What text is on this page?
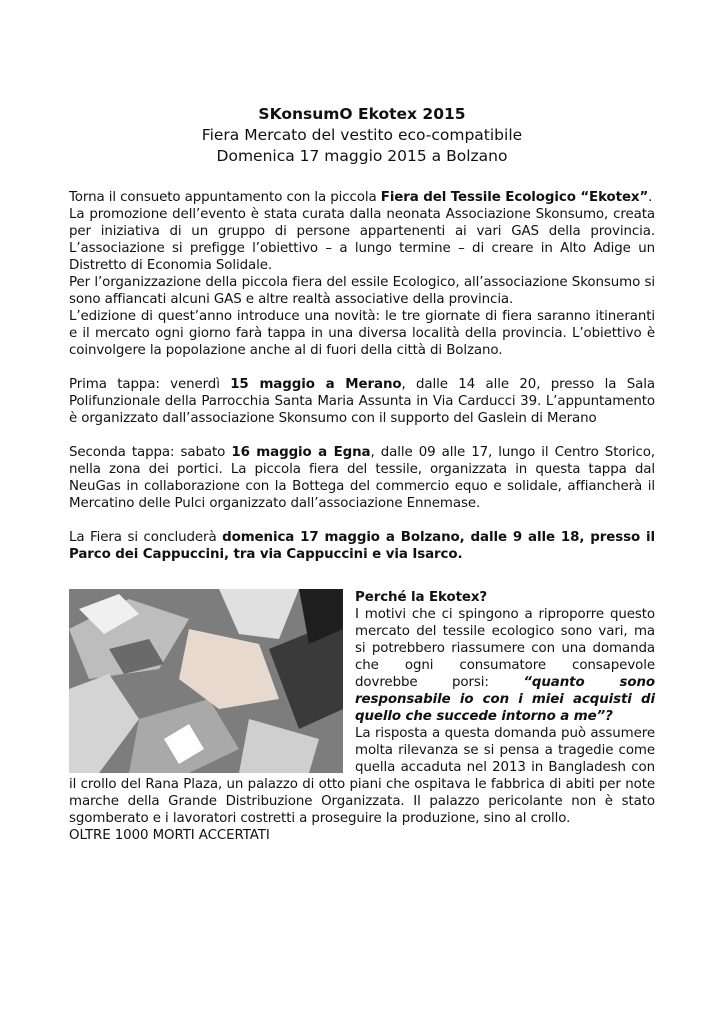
SKonsumO Ekotex 2015
Fiera Mercato del vestito eco-compatibile
Domenica 17 maggio 2015 a Bolzano

Torna il consueto appuntamento con la piccola Fiera del Tessile Ecologico “Ekotex”.

La promozione dell’evento è stata curata dalla neonata Associazione Skonsumo, creata per iniziativa di un gruppo di persone appartenenti ai vari GAS della provincia. L’associazione si prefigge l’obiettivo – a lungo termine – di creare in Alto Adige un Distretto di Economia Solidale.

Per l’organizzazione della piccola fiera del essile Ecologico, all’associazione Skonsumo si sono affiancati alcuni GAS e altre realtà associative della provincia.

L’edizione di quest’anno introduce una novità: le tre giornate di fiera saranno itineranti e il mercato ogni giorno farà tappa in una diversa località della provincia. L’obiettivo è coinvolgere la popolazione anche al di fuori della città di Bolzano.

Prima tappa: venerdì 15 maggio a Merano, dalle 14 alle 20, presso la Sala Polifunzionale della Parrocchia Santa Maria Assunta in Via Carducci 39. L’appuntamento è organizzato dall’associazione Skonsumo con il supporto del Gaslein di Merano

Seconda tappa: sabato 16 maggio a Egna, dalle 09 alle 17, lungo il Centro Storico, nella zona dei portici. La piccola fiera del tessile, organizzata in questa tappa dal NeuGas in collaborazione con la Bottega del commercio equo e solidale, affiancherà il Mercatino delle Pulci organizzato dall’associazione Ennemase.

La Fiera si concluderà domenica 17 maggio a Bolzano, dalle 9 alle 18, presso il Parco dei Cappuccini, tra via Cappuccini e via Isarco.

Perché la Ekotex?

I motivi che ci spingono a riproporre questo mercato del tessile ecologico sono vari, ma si potrebbero riassumere con una domanda che ogni consumatore consapevole dovrebbe porsi: “quanto sono responsabile io con i miei acquisti di quello che succede intorno a me”?

La risposta a questa domanda può assumere molta rilevanza se si pensa a tragedie come quella accaduta nel 2013 in Bangladesh con il crollo del Rana Plaza, un palazzo di otto piani che ospitava le fabbrica di abiti per note marche della Grande Distribuzione Organizzata. Il palazzo pericolante non è stato sgomberato e i lavoratori costretti a proseguire la produzione, sino al crollo.

OLTRE 1000 MORTI ACCERTATI
